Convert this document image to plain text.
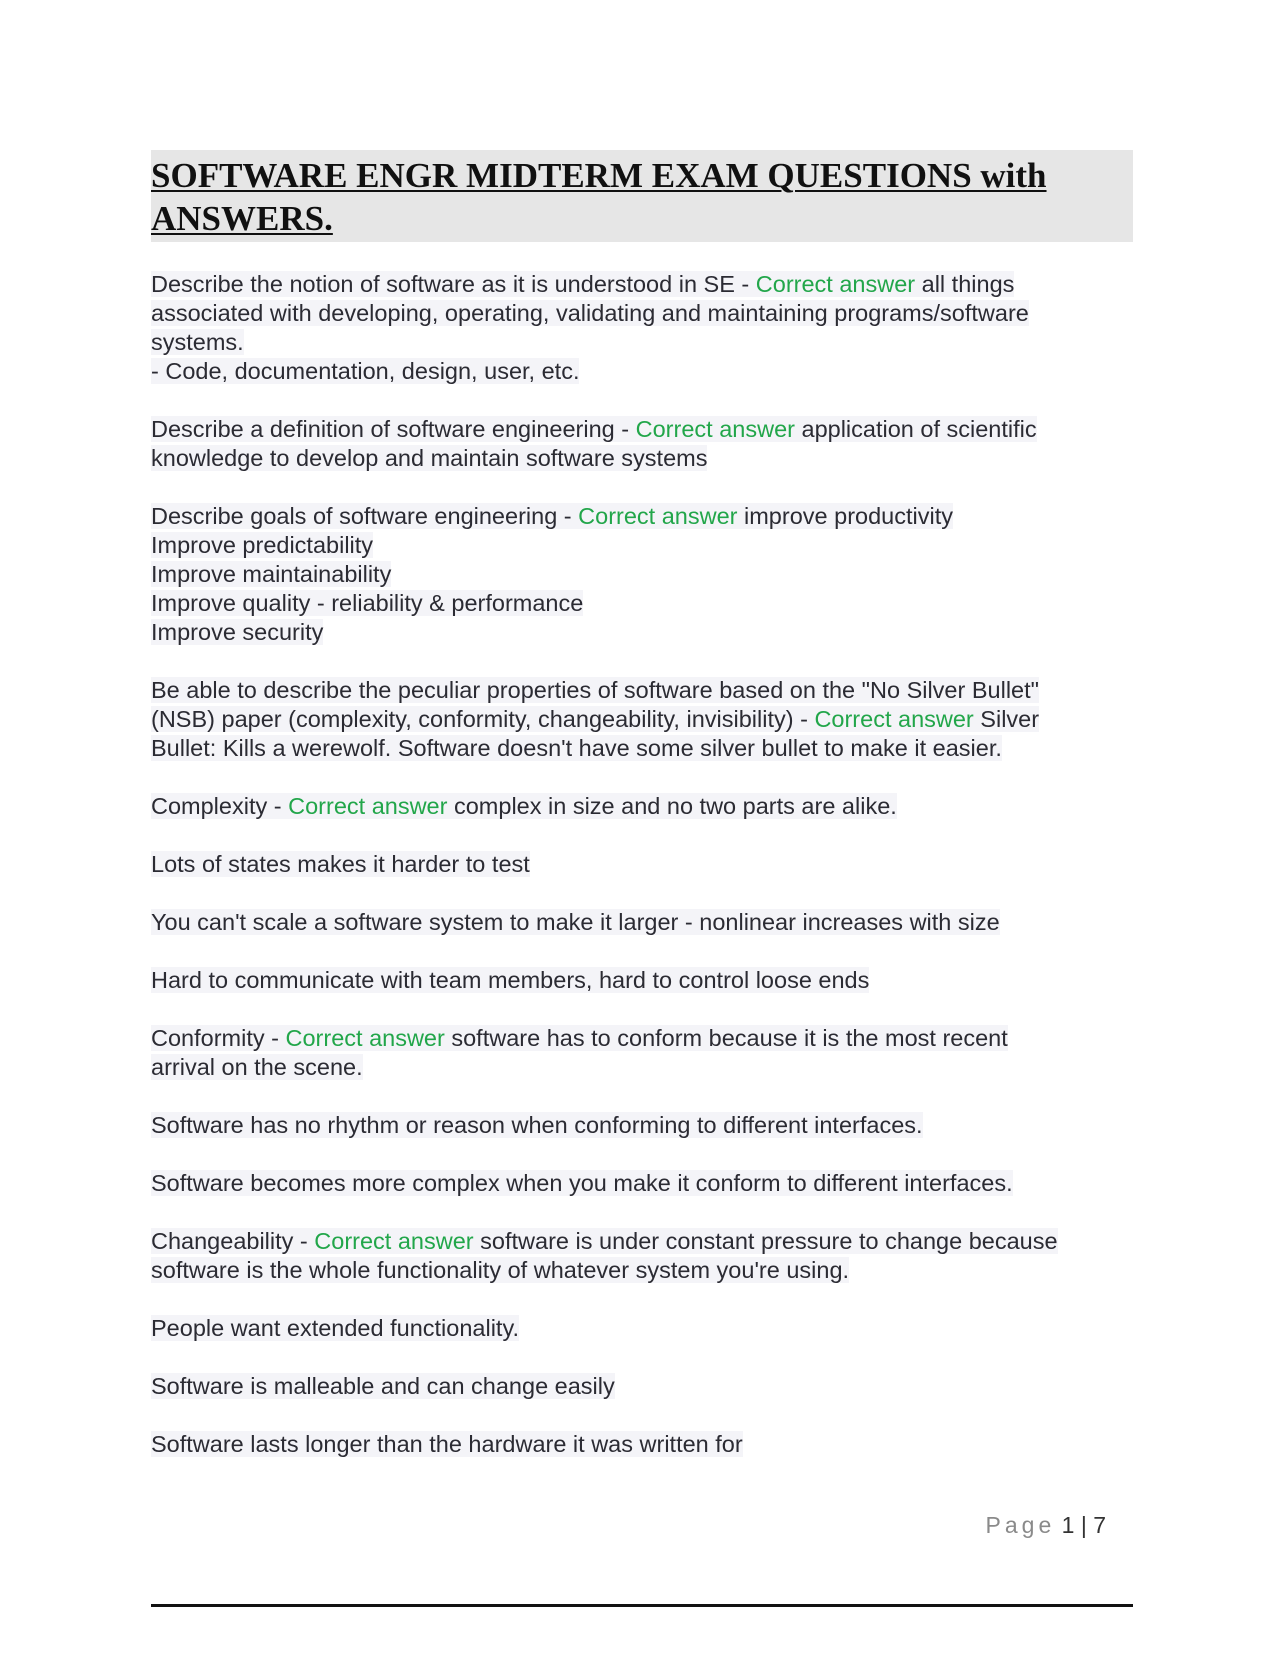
SOFTWARE ENGR MIDTERM EXAM QUESTIONS with
ANSWERS.

Describe the notion of software as it is understood in SE - Correct answer all things
associated with developing, operating, validating and maintaining programs/software
systems.
- Code, documentation, design, user, etc.

Describe a definition of software engineering - Correct answer application of scientific
knowledge to develop and maintain software systems

Describe goals of software engineering - Correct answer improve productivity
Improve predictability
Improve maintainability
Improve quality - reliability & performance
Improve security

Be able to describe the peculiar properties of software based on the "No Silver Bullet"
(NSB) paper (complexity, conformity, changeability, invisibility) - Correct answer Silver
Bullet: Kills a werewolf. Software doesn't have some silver bullet to make it easier.

Complexity - Correct answer complex in size and no two parts are alike.

Lots of states makes it harder to test

You can't scale a software system to make it larger - nonlinear increases with size

Hard to communicate with team members, hard to control loose ends

Conformity - Correct answer software has to conform because it is the most recent
arrival on the scene.

Software has no rhythm or reason when conforming to different interfaces.

Software becomes more complex when you make it conform to different interfaces.

Changeability - Correct answer software is under constant pressure to change because
software is the whole functionality of whatever system you're using.

People want extended functionality.

Software is malleable and can change easily

Software lasts longer than the hardware it was written for

Page 1 | 7
